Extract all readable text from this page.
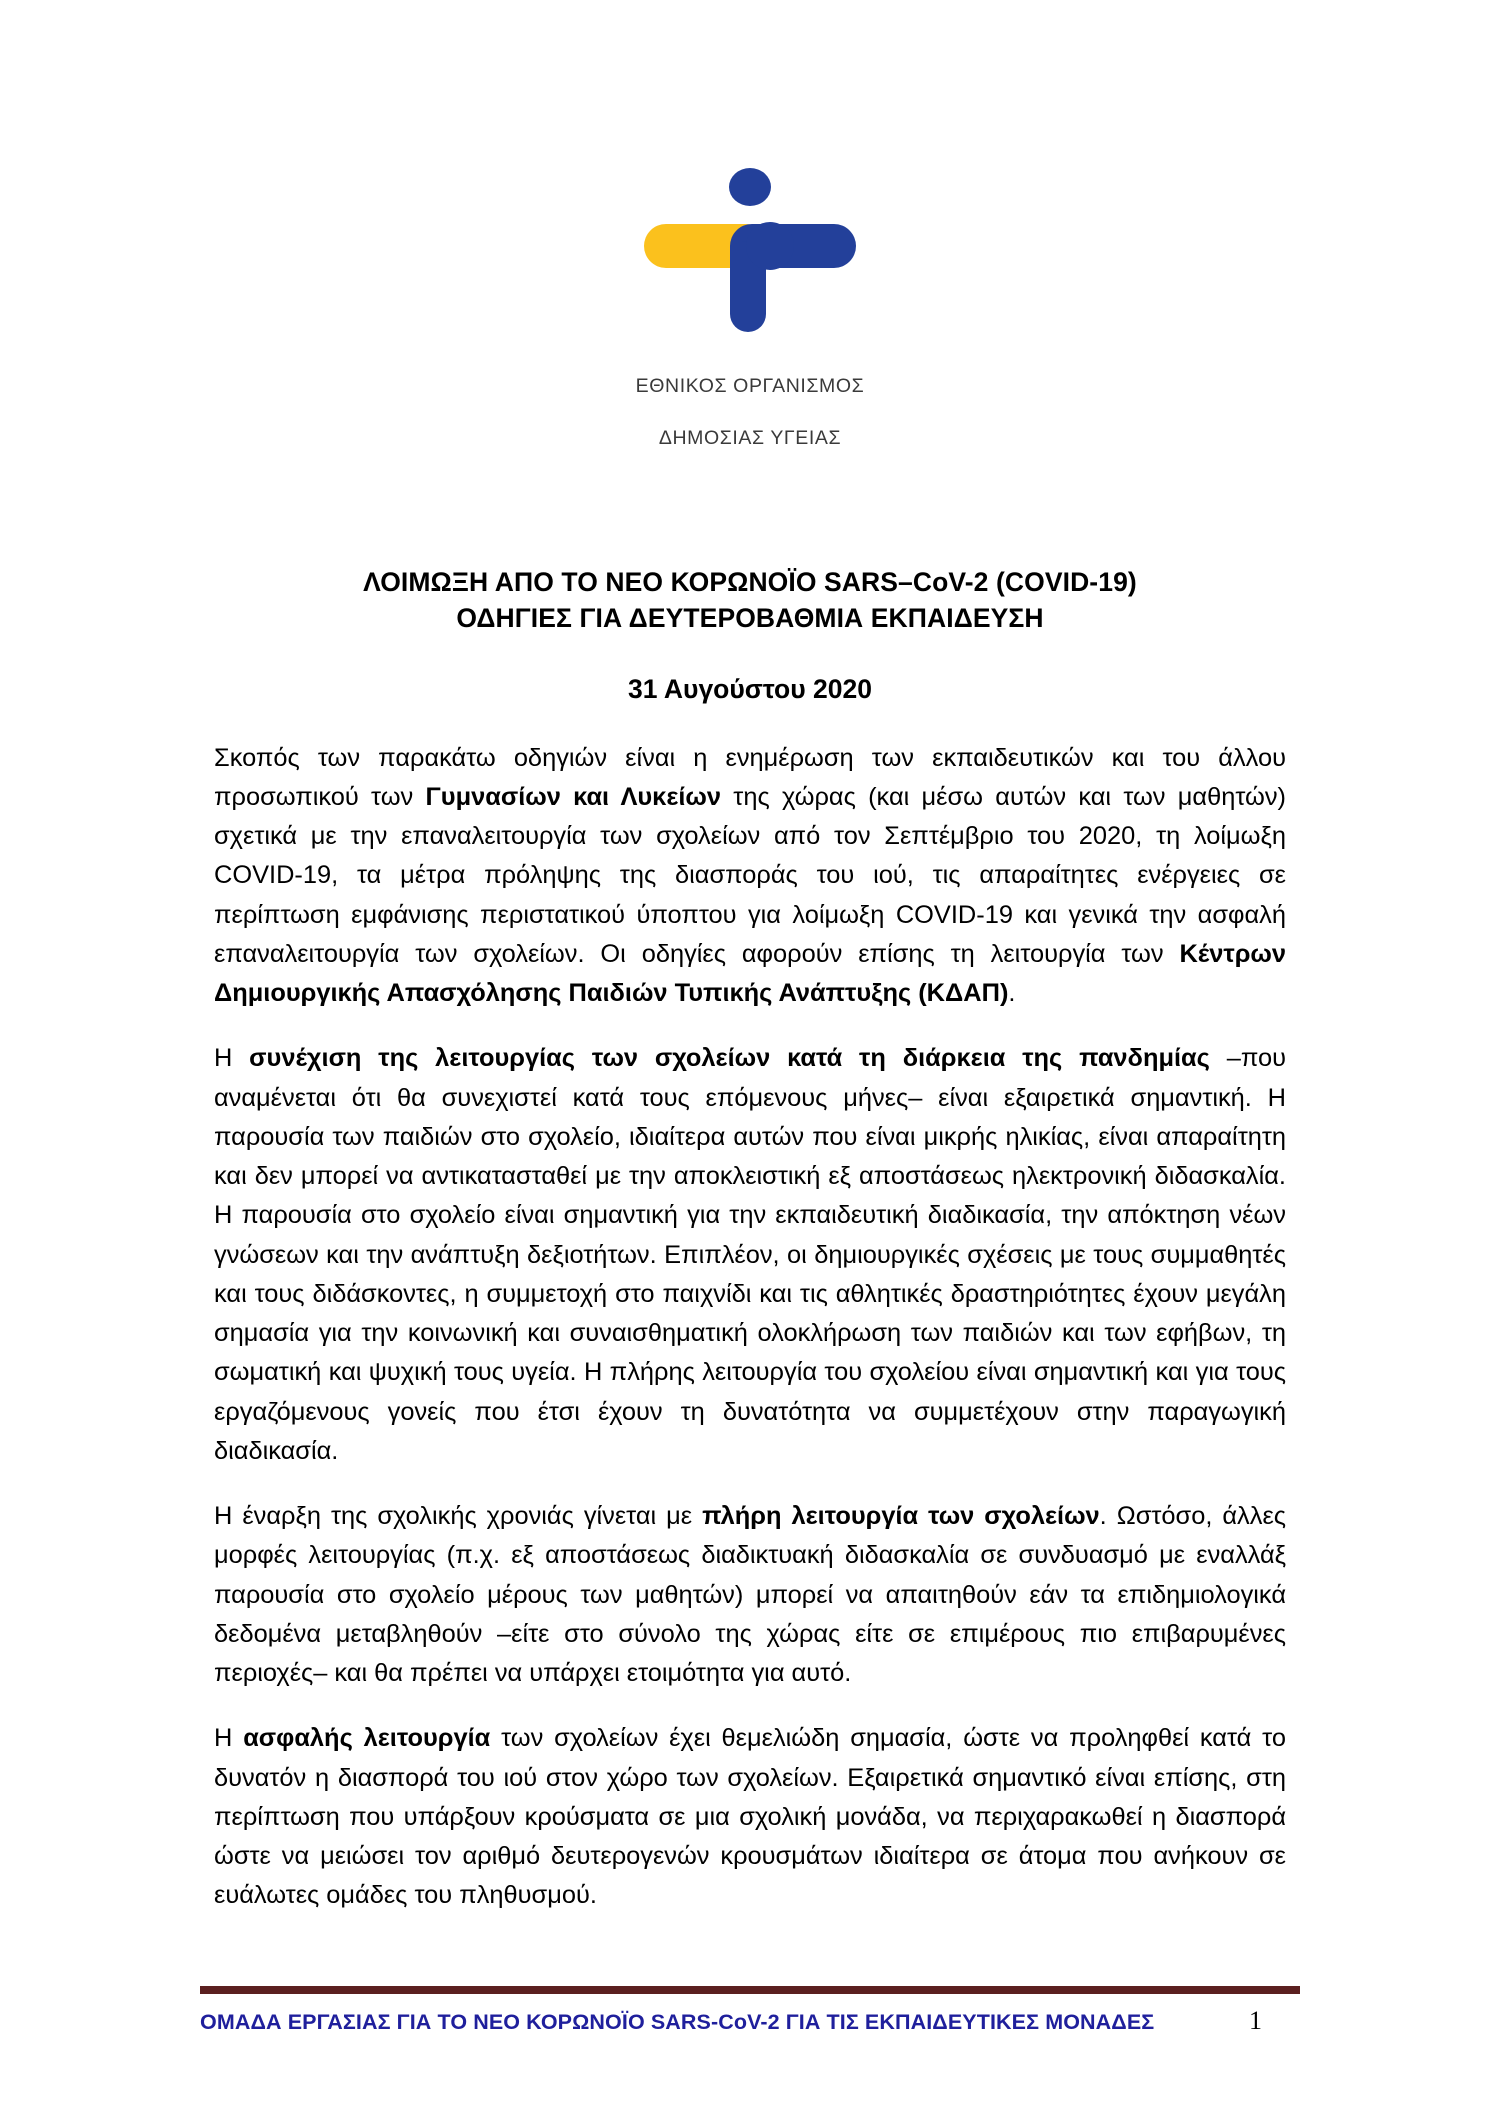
ΕΘΝΙΚΟΣ ΟΡΓΑΝΙΣΜΟΣ

ΔΗΜΟΣΙΑΣ ΥΓΕΙΑΣ

ΛΟΙΜΩΞΗ ΑΠΟ ΤΟ ΝΕΟ ΚΟΡΩΝΟΪΟ SARS–CoV-2 (COVID-19)
ΟΔΗΓΙΕΣ ΓΙΑ ΔΕΥΤΕΡΟΒΑΘΜΙΑ ΕΚΠΑΙΔΕΥΣΗ
31 Αυγούστου 2020

Σκοπός των παρακάτω οδηγιών είναι η ενημέρωση των εκπαιδευτικών και του άλλου προσωπικού των Γυμνασίων και Λυκείων της χώρας (και μέσω αυτών και των μαθητών) σχετικά με την επαναλειτουργία των σχολείων από τον Σεπτέμβριο του 2020, τη λοίμωξη COVID-19, τα μέτρα πρόληψης της διασποράς του ιού, τις απαραίτητες ενέργειες σε περίπτωση εμφάνισης περιστατικού ύποπτου για λοίμωξη COVID-19 και γενικά την ασφαλή επαναλειτουργία των σχολείων. Οι οδηγίες αφορούν επίσης τη λειτουργία των Κέντρων Δημιουργικής Απασχόλησης Παιδιών Τυπικής Ανάπτυξης (ΚΔΑΠ).

Η συνέχιση της λειτουργίας των σχολείων κατά τη διάρκεια της πανδημίας –που αναμένεται ότι θα συνεχιστεί κατά τους επόμενους μήνες– είναι εξαιρετικά σημαντική. Η παρουσία των παιδιών στο σχολείο, ιδιαίτερα αυτών που είναι μικρής ηλικίας, είναι απαραίτητη και δεν μπορεί να αντικατασταθεί με την αποκλειστική εξ αποστάσεως ηλεκτρονική διδασκαλία. Η παρουσία στο σχολείο είναι σημαντική για την εκπαιδευτική διαδικασία, την απόκτηση νέων γνώσεων και την ανάπτυξη δεξιοτήτων. Επιπλέον, οι δημιουργικές σχέσεις με τους συμμαθητές και τους διδάσκοντες, η συμμετοχή στο παιχνίδι και τις αθλητικές δραστηριότητες έχουν μεγάλη σημασία για την κοινωνική και συναισθηματική ολοκλήρωση των παιδιών και των εφήβων, τη σωματική και ψυχική τους υγεία. Η πλήρης λειτουργία του σχολείου είναι σημαντική και για τους εργαζόμενους γονείς που έτσι έχουν τη δυνατότητα να συμμετέχουν στην παραγωγική διαδικασία.

Η έναρξη της σχολικής χρονιάς γίνεται με πλήρη λειτουργία των σχολείων. Ωστόσο, άλλες μορφές λειτουργίας (π.χ. εξ αποστάσεως διαδικτυακή διδασκαλία σε συνδυασμό με εναλλάξ παρουσία στο σχολείο μέρους των μαθητών) μπορεί να απαιτηθούν εάν τα επιδημιολογικά δεδομένα μεταβληθούν –είτε στο σύνολο της χώρας είτε σε επιμέρους πιο επιβαρυμένες περιοχές– και θα πρέπει να υπάρχει ετοιμότητα για αυτό.

Η ασφαλής λειτουργία των σχολείων έχει θεμελιώδη σημασία, ώστε να προληφθεί κατά το δυνατόν η διασπορά του ιού στον χώρο των σχολείων. Εξαιρετικά σημαντικό είναι επίσης, στη περίπτωση που υπάρξουν κρούσματα σε μια σχολική μονάδα, να περιχαρακωθεί η διασπορά ώστε να μειώσει τον αριθμό δευτερογενών κρουσμάτων ιδιαίτερα σε άτομα που ανήκουν σε ευάλωτες ομάδες του πληθυσμού.

ΟΜΑΔΑ ΕΡΓΑΣΙΑΣ ΓΙΑ ΤΟ ΝΕΟ ΚΟΡΩΝΟΪΟ SARS-CoV-2 ΓΙΑ ΤΙΣ ΕΚΠΑΙΔΕΥΤΙΚΕΣ ΜΟΝΑΔΕΣ	1
